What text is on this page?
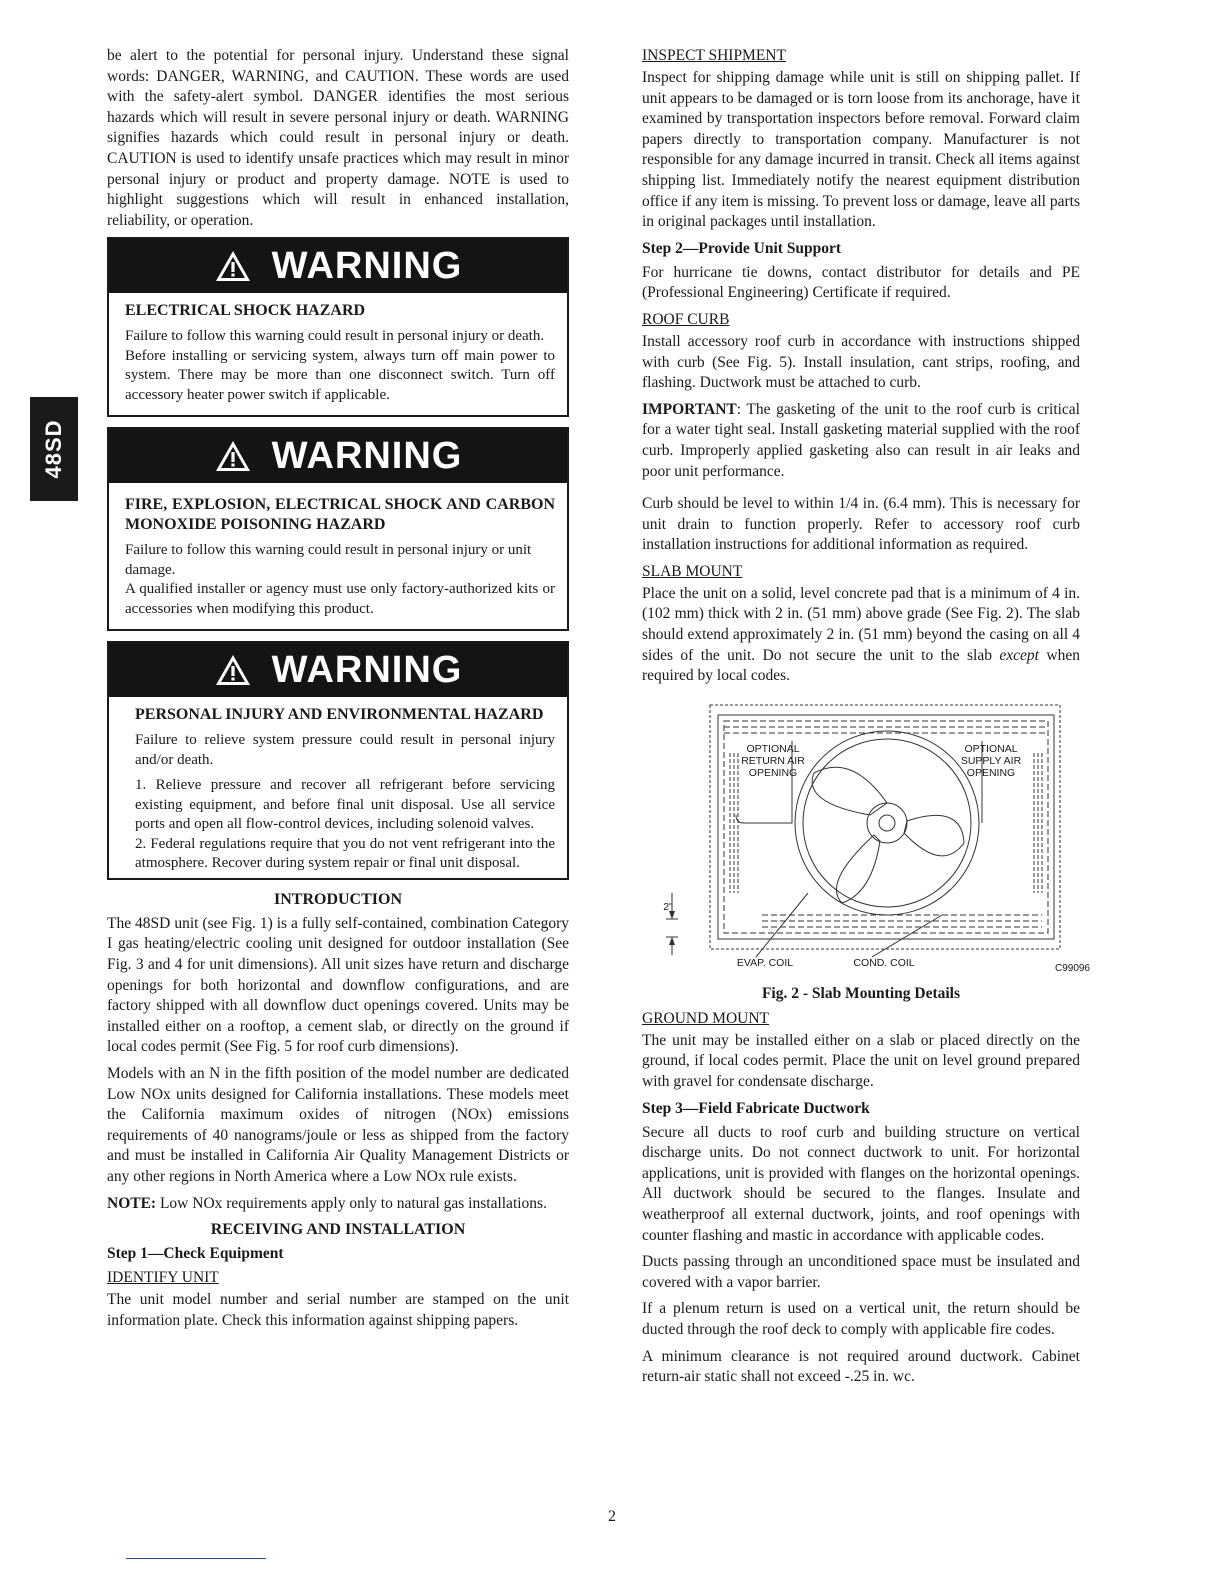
48SD

be alert to the potential for personal injury. Understand these signal words: DANGER, WARNING, and CAUTION. These words are used with the safety-alert symbol. DANGER identifies the most serious hazards which will result in severe personal injury or death. WARNING signifies hazards which could result in personal injury or death. CAUTION is used to identify unsafe practices which may result in minor personal injury or product and property damage. NOTE is used to highlight suggestions which will result in enhanced installation, reliability, or operation.

WARNING
ELECTRICAL SHOCK HAZARD

Failure to follow this warning could result in personal injury or death.

Before installing or servicing system, always turn off main power to system. There may be more than one disconnect switch. Turn off accessory heater power switch if applicable.

WARNING
FIRE, EXPLOSION, ELECTRICAL SHOCK AND CARBON MONOXIDE POISONING HAZARD

Failure to follow this warning could result in personal injury or unit damage.

A qualified installer or agency must use only factory-authorized kits or accessories when modifying this product.

WARNING
PERSONAL INJURY AND ENVIRONMENTAL HAZARD

Failure to relieve system pressure could result in personal injury and/or death.

1. Relieve pressure and recover all refrigerant before servicing existing equipment, and before final unit disposal. Use all service ports and open all flow-control devices, including solenoid valves.

2. Federal regulations require that you do not vent refrigerant into the atmosphere. Recover during system repair or final unit disposal.

INTRODUCTION

The 48SD unit (see Fig. 1) is a fully self-contained, combination Category I gas heating/electric cooling unit designed for outdoor installation (See Fig. 3 and 4 for unit dimensions). All unit sizes have return and discharge openings for both horizontal and downflow configurations, and are factory shipped with all downflow duct openings covered. Units may be installed either on a rooftop, a cement slab, or directly on the ground if local codes permit (See Fig. 5 for roof curb dimensions).

Models with an N in the fifth position of the model number are dedicated Low NOx units designed for California installations. These models meet the California maximum oxides of nitrogen (NOx) emissions requirements of 40 nanograms/joule or less as shipped from the factory and must be installed in California Air Quality Management Districts or any other regions in North America where a Low NOx rule exists.

NOTE: Low NOx requirements apply only to natural gas installations.

RECEIVING AND INSTALLATION
Step 1—Check Equipment
IDENTIFY UNIT

The unit model number and serial number are stamped on the unit information plate. Check this information against shipping papers.

INSPECT SHIPMENT

Inspect for shipping damage while unit is still on shipping pallet. If unit appears to be damaged or is torn loose from its anchorage, have it examined by transportation inspectors before removal. Forward claim papers directly to transportation company. Manufacturer is not responsible for any damage incurred in transit. Check all items against shipping list. Immediately notify the nearest equipment distribution office if any item is missing. To prevent loss or damage, leave all parts in original packages until installation.

Step 2—Provide Unit Support

For hurricane tie downs, contact distributor for details and PE (Professional Engineering) Certificate if required.

ROOF CURB

Install accessory roof curb in accordance with instructions shipped with curb (See Fig. 5). Install insulation, cant strips, roofing, and flashing. Ductwork must be attached to curb.

IMPORTANT: The gasketing of the unit to the roof curb is critical for a water tight seal. Install gasketing material supplied with the roof curb. Improperly applied gasketing also can result in air leaks and poor unit performance.

Curb should be level to within 1/4 in. (6.4 mm). This is necessary for unit drain to function properly. Refer to accessory roof curb installation instructions for additional information as required.

SLAB MOUNT

Place the unit on a solid, level concrete pad that is a minimum of 4 in. (102 mm) thick with 2 in. (51 mm) above grade (See Fig. 2). The slab should extend approximately 2 in. (51 mm) beyond the casing on all 4 sides of the unit. Do not secure the unit to the slab except when required by local codes.

OPTIONAL RETURN AIR OPENING
OPTIONAL SUPPLY AIR OPENING
2"
EVAP. COIL	COND. COIL	C99096
Fig. 2 - Slab Mounting Details
GROUND MOUNT

The unit may be installed either on a slab or placed directly on the ground, if local codes permit. Place the unit on level ground prepared with gravel for condensate discharge.

Step 3—Field Fabricate Ductwork

Secure all ducts to roof curb and building structure on vertical discharge units. Do not connect ductwork to unit. For horizontal applications, unit is provided with flanges on the horizontal openings. All ductwork should be secured to the flanges. Insulate and weatherproof all external ductwork, joints, and roof openings with counter flashing and mastic in accordance with applicable codes.

Ducts passing through an unconditioned space must be insulated and covered with a vapor barrier.

If a plenum return is used on a vertical unit, the return should be ducted through the roof deck to comply with applicable fire codes.

A minimum clearance is not required around ductwork. Cabinet return-air static shall not exceed -.25 in. wc.

2
